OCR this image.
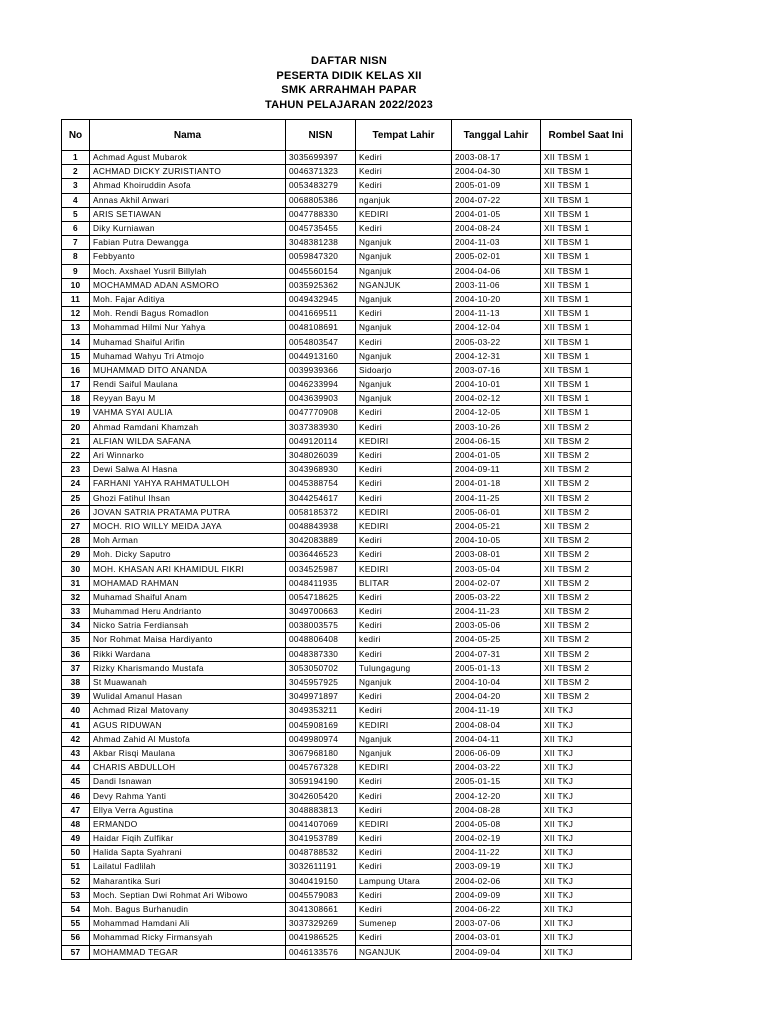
DAFTAR NISN
PESERTA DIDIK KELAS XII
SMK ARRAHMAH PAPAR
TAHUN PELAJARAN 2022/2023
No	Nama	NISN	Tempat Lahir	Tanggal Lahir	Rombel Saat Ini
1	Achmad Agust Mubarok	3035699397	Kediri	2003-08-17	XII TBSM 1
2	ACHMAD DICKY ZURISTIANTO	0046371323	Kediri	2004-04-30	XII TBSM 1
3	Ahmad Khoiruddin Asofa	0053483279	Kediri	2005-01-09	XII TBSM 1
4	Annas Akhil Anwari	0068805386	nganjuk	2004-07-22	XII TBSM 1
5	ARIS SETIAWAN	0047788330	KEDIRI	2004-01-05	XII TBSM 1
6	Diky Kurniawan	0045735455	Kediri	2004-08-24	XII TBSM 1
7	Fabian Putra Dewangga	3048381238	Nganjuk	2004-11-03	XII TBSM 1
8	Febbyanto	0059847320	Nganjuk	2005-02-01	XII TBSM 1
9	Moch. Axshael Yusril Billylah	0045560154	Nganjuk	2004-04-06	XII TBSM 1
10	MOCHAMMAD ADAN ASMORO	0035925362	NGANJUK	2003-11-06	XII TBSM 1
11	Moh. Fajar Aditiya	0049432945	Nganjuk	2004-10-20	XII TBSM 1
12	Moh. Rendi Bagus Romadlon	0041669511	Kediri	2004-11-13	XII TBSM 1
13	Mohammad Hilmi Nur Yahya	0048108691	Nganjuk	2004-12-04	XII TBSM 1
14	Muhamad Shaiful Arifin	0054803547	Kediri	2005-03-22	XII TBSM 1
15	Muhamad Wahyu Tri Atmojo	0044913160	Nganjuk	2004-12-31	XII TBSM 1
16	MUHAMMAD DITO ANANDA	0039939366	Sidoarjo	2003-07-16	XII TBSM 1
17	Rendi Saiful Maulana	0046233994	Nganjuk	2004-10-01	XII TBSM 1
18	Reyyan Bayu M	0043639903	Nganjuk	2004-02-12	XII TBSM 1
19	VAHMA SYAI AULIA	0047770908	Kediri	2004-12-05	XII TBSM 1
20	Ahmad Ramdani Khamzah	3037383930	Kediri	2003-10-26	XII TBSM 2
21	ALFIAN WILDA SAFANA	0049120114	KEDIRI	2004-06-15	XII TBSM 2
22	Ari Winnarko	3048026039	Kediri	2004-01-05	XII TBSM 2
23	Dewi Salwa Al Hasna	3043968930	Kediri	2004-09-11	XII TBSM 2
24	FARHANI YAHYA RAHMATULLOH	0045388754	Kediri	2004-01-18	XII TBSM 2
25	Ghozi Fatihul Ihsan	3044254617	Kediri	2004-11-25	XII TBSM 2
26	JOVAN SATRIA PRATAMA PUTRA	0058185372	KEDIRI	2005-06-01	XII TBSM 2
27	MOCH. RIO WILLY MEIDA JAYA	0048843938	KEDIRI	2004-05-21	XII TBSM 2
28	Moh Arman	3042083889	Kediri	2004-10-05	XII TBSM 2
29	Moh. Dicky Saputro	0036446523	Kediri	2003-08-01	XII TBSM 2
30	MOH. KHASAN ARI KHAMIDUL FIKRI	0034525987	KEDIRI	2003-05-04	XII TBSM 2
31	MOHAMAD RAHMAN	0048411935	BLITAR	2004-02-07	XII TBSM 2
32	Muhamad Shaiful Anam	0054718625	Kediri	2005-03-22	XII TBSM 2
33	Muhammad Heru Andrianto	3049700663	Kediri	2004-11-23	XII TBSM 2
34	Nicko Satria Ferdiansah	0038003575	Kediri	2003-05-06	XII TBSM 2
35	Nor Rohmat Maisa Hardiyanto	0048806408	kediri	2004-05-25	XII TBSM 2
36	Rikki Wardana	0048387330	Kediri	2004-07-31	XII TBSM 2
37	Rizky Kharismando Mustafa	3053050702	Tulungagung	2005-01-13	XII TBSM 2
38	St Muawanah	3045957925	Nganjuk	2004-10-04	XII TBSM 2
39	Wulidal Amanul Hasan	3049971897	Kediri	2004-04-20	XII TBSM 2
40	Achmad Rizal Matovany	3049353211	Kediri	2004-11-19	XII TKJ
41	AGUS RIDUWAN	0045908169	KEDIRI	2004-08-04	XII TKJ
42	Ahmad Zahid Al Mustofa	0049980974	Nganjuk	2004-04-11	XII TKJ
43	Akbar Risqi Maulana	3067968180	Nganjuk	2006-06-09	XII TKJ
44	CHARIS ABDULLOH	0045767328	KEDIRI	2004-03-22	XII TKJ
45	Dandi Isnawan	3059194190	Kediri	2005-01-15	XII TKJ
46	Devy Rahma Yanti	3042605420	Kediri	2004-12-20	XII TKJ
47	Ellya Verra Agustina	3048883813	Kediri	2004-08-28	XII TKJ
48	ERMANDO	0041407069	KEDIRI	2004-05-08	XII TKJ
49	Haidar Fiqih Zulfikar	3041953789	Kediri	2004-02-19	XII TKJ
50	Halida Sapta Syahrani	0048788532	Kediri	2004-11-22	XII TKJ
51	Lailatul Fadlilah	3032611191	Kediri	2003-09-19	XII TKJ
52	Maharantika Suri	3040419150	Lampung Utara	2004-02-06	XII TKJ
53	Moch. Septian Dwi Rohmat Ari Wibowo	0045579083	Kediri	2004-09-09	XII TKJ
54	Moh. Bagus Burhanudin	3041308661	Kediri	2004-06-22	XII TKJ
55	Mohammad Hamdani Ali	3037329269	Sumenep	2003-07-06	XII TKJ
56	Mohammad Ricky Firmansyah	0041986525	Kediri	2004-03-01	XII TKJ
57	MOHAMMAD TEGAR	0046133576	NGANJUK	2004-09-04	XII TKJ
